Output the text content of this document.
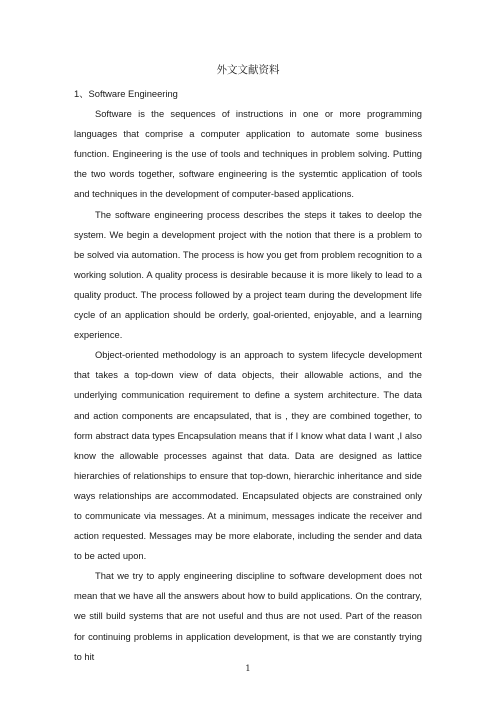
外文文献资料

1、Software Engineering

Software is the sequences of instructions in one or more programming languages that comprise a computer application to automate some business function. Engineering is the use of tools and techniques in problem solving. Putting the two words together, software engineering is the systemtic application of tools and techniques in the development of computer-based applications.

The software engineering process describes the steps it takes to deelop the system. We begin a development project with the notion that there is a problem to be solved via automation. The process is how you get from problem recognition to a working solution. A quality process is desirable because it is more likely to lead to a quality product. The process followed by a project team during the development life cycle of an application should be orderly, goal-oriented, enjoyable, and a learning experience.

Object-oriented methodology is an approach to system lifecycle development that takes a top-down view of data objects, their allowable actions, and the underlying communication requirement to define a system architecture. The data and action components are encapsulated, that is , they are combined together, to form abstract data types Encapsulation means that if I know what data I want ,I also know the allowable processes against that data. Data are designed as lattice hierarchies of relationships to ensure that top-down, hierarchic inheritance and side ways relationships are accommodated. Encapsulated objects are constrained only to communicate via messages. At a minimum, messages indicate the receiver and action requested. Messages may be more elaborate, including the sender and data to be acted upon.

That we try to apply engineering discipline to software development does not mean that we have all the answers about how to build applications. On the contrary, we still build systems that are not useful and thus are not used. Part of the reason for continuing problems in application development, is that we are constantly trying to hit

1
